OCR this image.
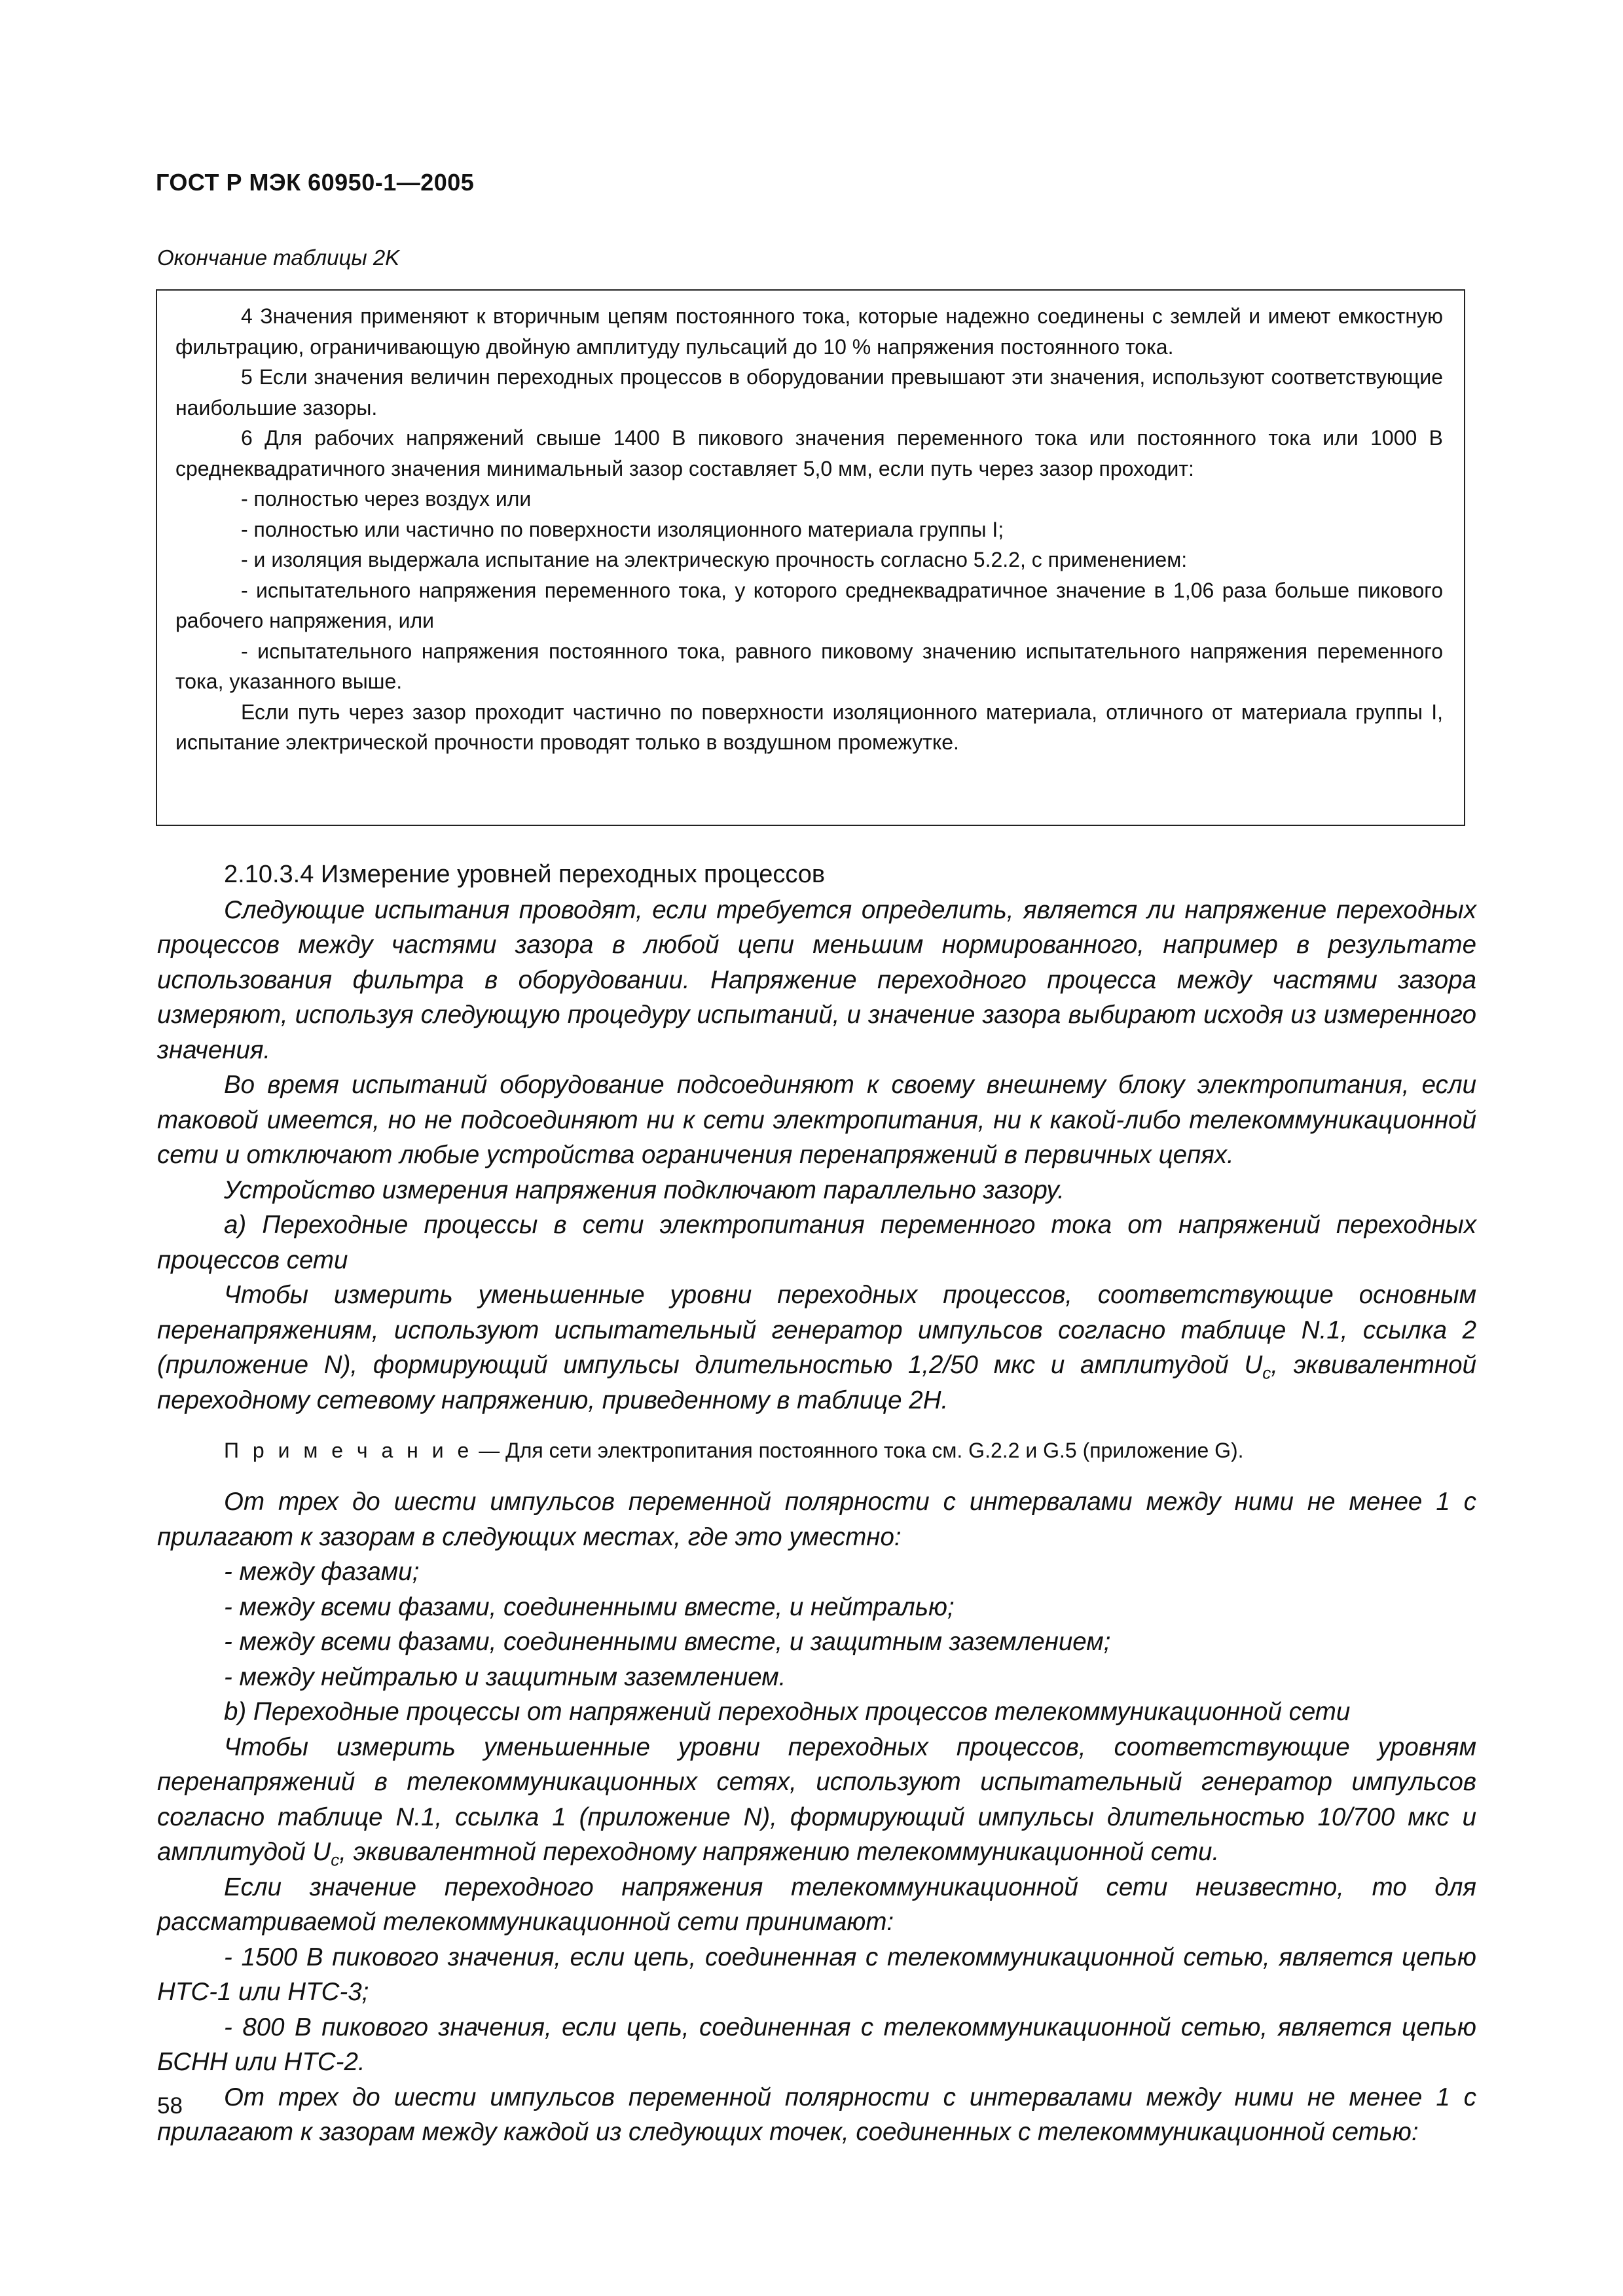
ГОСТ Р МЭК 60950-1—2005
Окончание таблицы 2K

4 Значения применяют к вторичным цепям постоянного тока, которые надежно соединены с землей и имеют емкостную фильтрацию, ограничивающую двойную амплитуду пульсаций до 10 % напряжения постоянного тока.

5 Если значения величин переходных процессов в оборудовании превышают эти значения, используют соответствующие наибольшие зазоры.

6 Для рабочих напряжений свыше 1400 В пикового значения переменного тока или постоянного тока или 1000 В среднеквадратичного значения минимальный зазор составляет 5,0 мм, если путь через зазор проходит:

- полностью через воздух или

- полностью или частично по поверхности изоляционного материала группы I;

- и изоляция выдержала испытание на электрическую прочность согласно 5.2.2, с применением:

- испытательного напряжения переменного тока, у которого среднеквадратичное значение в 1,06 раза больше пикового рабочего напряжения, или

- испытательного напряжения постоянного тока, равного пиковому значению испытательного напряжения переменного тока, указанного выше.

Если путь через зазор проходит частично по поверхности изоляционного материала, отличного от материала группы I, испытание электрической прочности проводят только в воздушном промежутке.

2.10.3.4 Измерение уровней переходных процессов

Следующие испытания проводят, если требуется определить, является ли напряжение переходных процессов между частями зазора в любой цепи меньшим нормированного, например в результате использования фильтра в оборудовании. Напряжение переходного процесса между частями зазора измеряют, используя следующую процедуру испытаний, и значение зазора выбирают исходя из измеренного значения.

Во время испытаний оборудование подсоединяют к своему внешнему блоку электропитания, если таковой имеется, но не подсоединяют ни к сети электропитания, ни к какой-либо телекоммуникационной сети и отключают любые устройства ограничения перенапряжений в первичных цепях.

Устройство измерения напряжения подключают параллельно зазору.

a) Переходные процессы в сети электропитания переменного тока от напряжений переходных процессов сети

Чтобы измерить уменьшенные уровни переходных процессов, соответствующие основным перенапряжениям, используют испытательный генератор импульсов согласно таблице N.1, ссылка 2 (приложение N), формирующий импульсы длительностью 1,2/50 мкс и амплитудой $U_c$, эквивалентной переходному сетевому напряжению, приведенному в таблице 2H.

П р и м е ч а н и е — Для сети электропитания постоянного тока см. G.2.2 и G.5 (приложение G).

От трех до шести импульсов переменной полярности с интервалами между ними не менее 1 с прилагают к зазорам в следующих местах, где это уместно:

- между фазами;

- между всеми фазами, соединенными вместе, и нейтралью;

- между всеми фазами, соединенными вместе, и защитным заземлением;

- между нейтралью и защитным заземлением.

b) Переходные процессы от напряжений переходных процессов телекоммуникационной сети

Чтобы измерить уменьшенные уровни переходных процессов, соответствующие уровням перенапряжений в телекоммуникационных сетях, используют испытательный генератор импульсов согласно таблице N.1, ссылка 1 (приложение N), формирующий импульсы длительностью 10/700 мкс и амплитудой $U_c$, эквивалентной переходному напряжению телекоммуникационной сети.

Если значение переходного напряжения телекоммуникационной сети неизвестно, то для рассматриваемой телекоммуникационной сети принимают:

- 1500 В пикового значения, если цепь, соединенная с телекоммуникационной сетью, является цепью НТС-1 или НТС-3;

- 800 В пикового значения, если цепь, соединенная с телекоммуникационной сетью, является цепью БСНН или НТС-2.

От трех до шести импульсов переменной полярности с интервалами между ними не менее 1 с прилагают к зазорам между каждой из следующих точек, соединенных с телекоммуникационной сетью:

58
